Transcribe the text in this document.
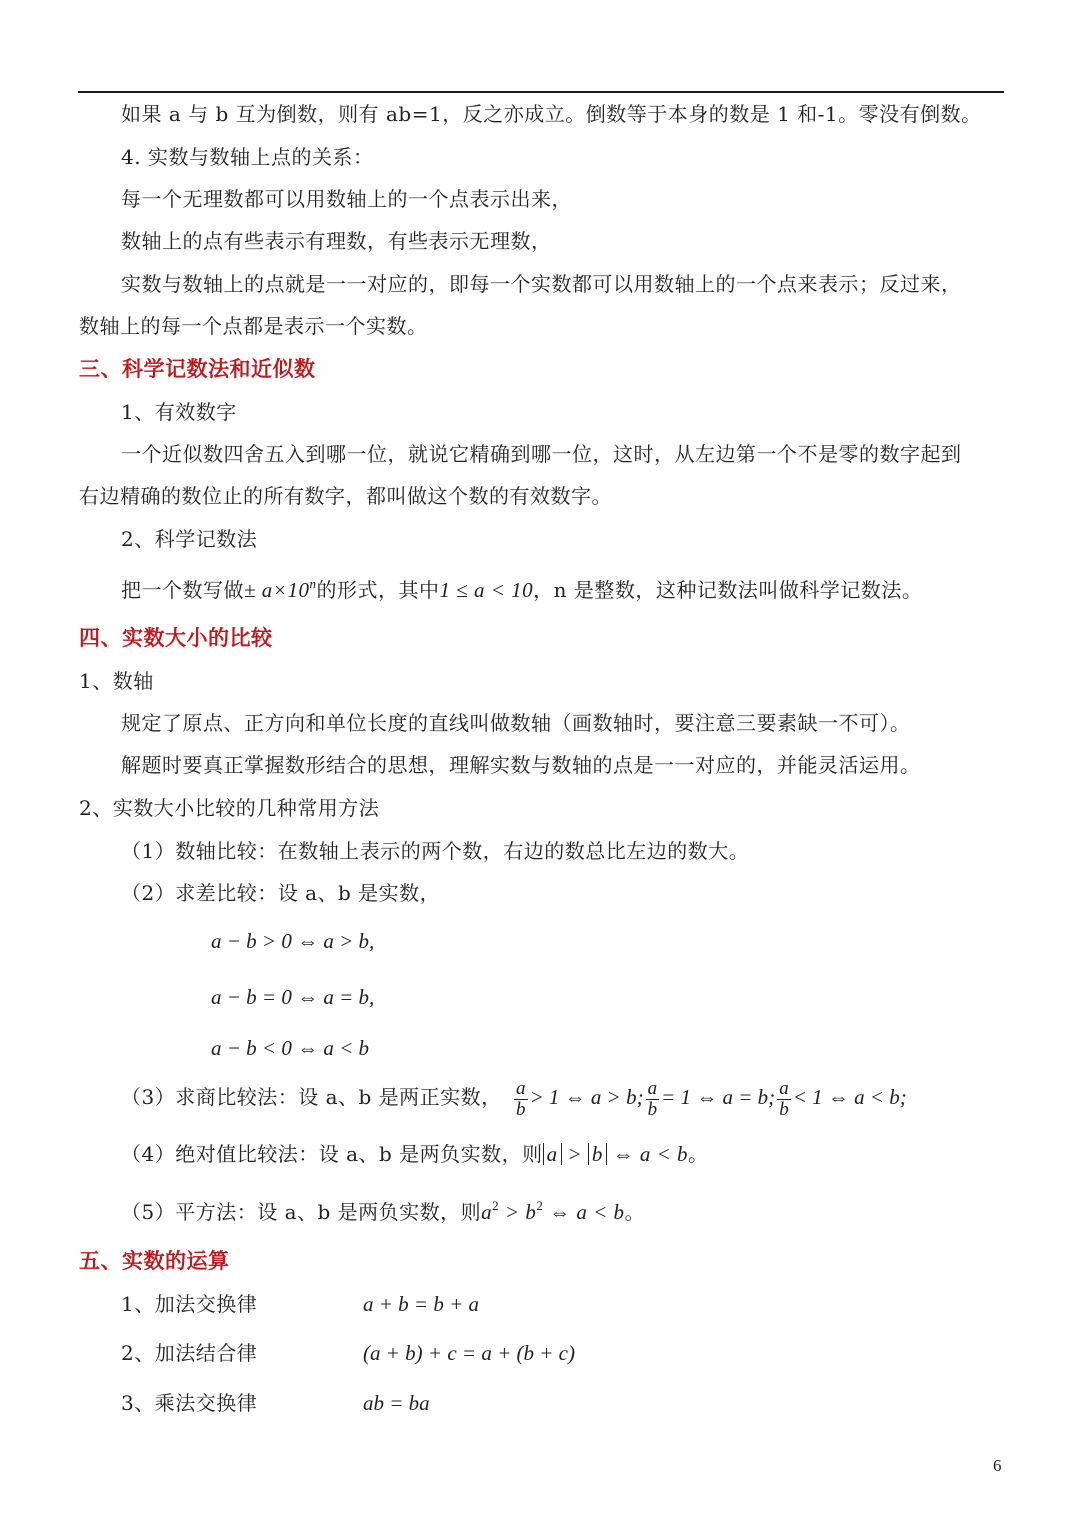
如果 a 与 b 互为倒数，则有 ab=1，反之亦成立。倒数等于本身的数是 1 和-1。零没有倒数。
4. 实数与数轴上点的关系：
每一个无理数都可以用数轴上的一个点表示出来，
数轴上的点有些表示有理数，有些表示无理数，
实数与数轴上的点就是一一对应的，即每一个实数都可以用数轴上的一个点来表示；反过来，
数轴上的每一个点都是表示一个实数。
三、科学记数法和近似数
1、有效数字
一个近似数四舍五入到哪一位，就说它精确到哪一位，这时，从左边第一个不是零的数字起到
右边精确的数位止的所有数字，都叫做这个数的有效数字。
2、科学记数法
把一个数写做± $a\times 10^n$的形式，其中1 ≤ a < 10，n 是整数，这种记数法叫做科学记数法。
四、实数大小的比较
1、数轴
规定了原点、正方向和单位长度的直线叫做数轴（画数轴时，要注意三要素缺一不可）。
解题时要真正掌握数形结合的思想，理解实数与数轴的点是一一对应的，并能灵活运用。
2、实数大小比较的几种常用方法
（1）数轴比较：在数轴上表示的两个数，右边的数总比左边的数大。
（2）求差比较：设 a、b 是实数，
a − b > 0 ⇔ a > b,
a − b = 0 ⇔ a = b,
a − b < 0 ⇔ a < b
（3）求商比较法：设 a、b 是两正实数， $\frac{a}{b} > 1$ ⇔ a > b; $\frac{a}{b} = 1$ ⇔ a = b; $\frac{a}{b} < 1$ ⇔ a < b;
（4）绝对值比较法：设 a、b 是两负实数，则 a > b ⇔ a < b。
（5）平方法：设 a、b 是两负实数，则$a^2 > b^2$ ⇔ a < b。
五、实数的运算
1、加法交换律	a + b = b + a
2、加法结合律	(a + b) + c = a + (b + c)
3、乘法交换律	ab = ba
6
